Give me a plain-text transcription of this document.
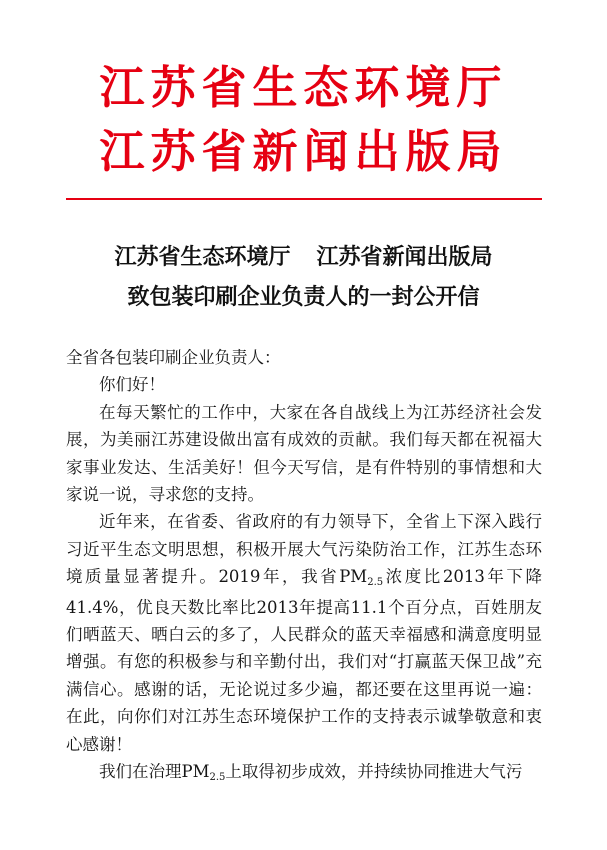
江苏省生态环境厅
江苏省新闻出版局
江苏省生态环境厅 江苏省新闻出版局
致包装印刷企业负责人的一封公开信

全省各包装印刷企业负责人：

你们好！

在每天繁忙的工作中，大家在各自战线上为江苏经济社会发展，为美丽江苏建设做出富有成效的贡献。我们每天都在祝福大家事业发达、生活美好！但今天写信，是有件特别的事情想和大家说一说，寻求您的支持。

近年来，在省委、省政府的有力领导下，全省上下深入践行习近平生态文明思想，积极开展大气污染防治工作，江苏生态环境质量显著提升。2019年，我省PM2.5浓度比2013年下降41.4%，优良天数比率比2013年提高11.1个百分点，百姓朋友们晒蓝天、晒白云的多了，人民群众的蓝天幸福感和满意度明显增强。有您的积极参与和辛勤付出，我们对“打赢蓝天保卫战”充满信心。感谢的话，无论说过多少遍，都还要在这里再说一遍：在此，向你们对江苏生态环境保护工作的支持表示诚挚敬意和衷心感谢！

我们在治理PM2.5上取得初步成效，并持续协同推进大气污
